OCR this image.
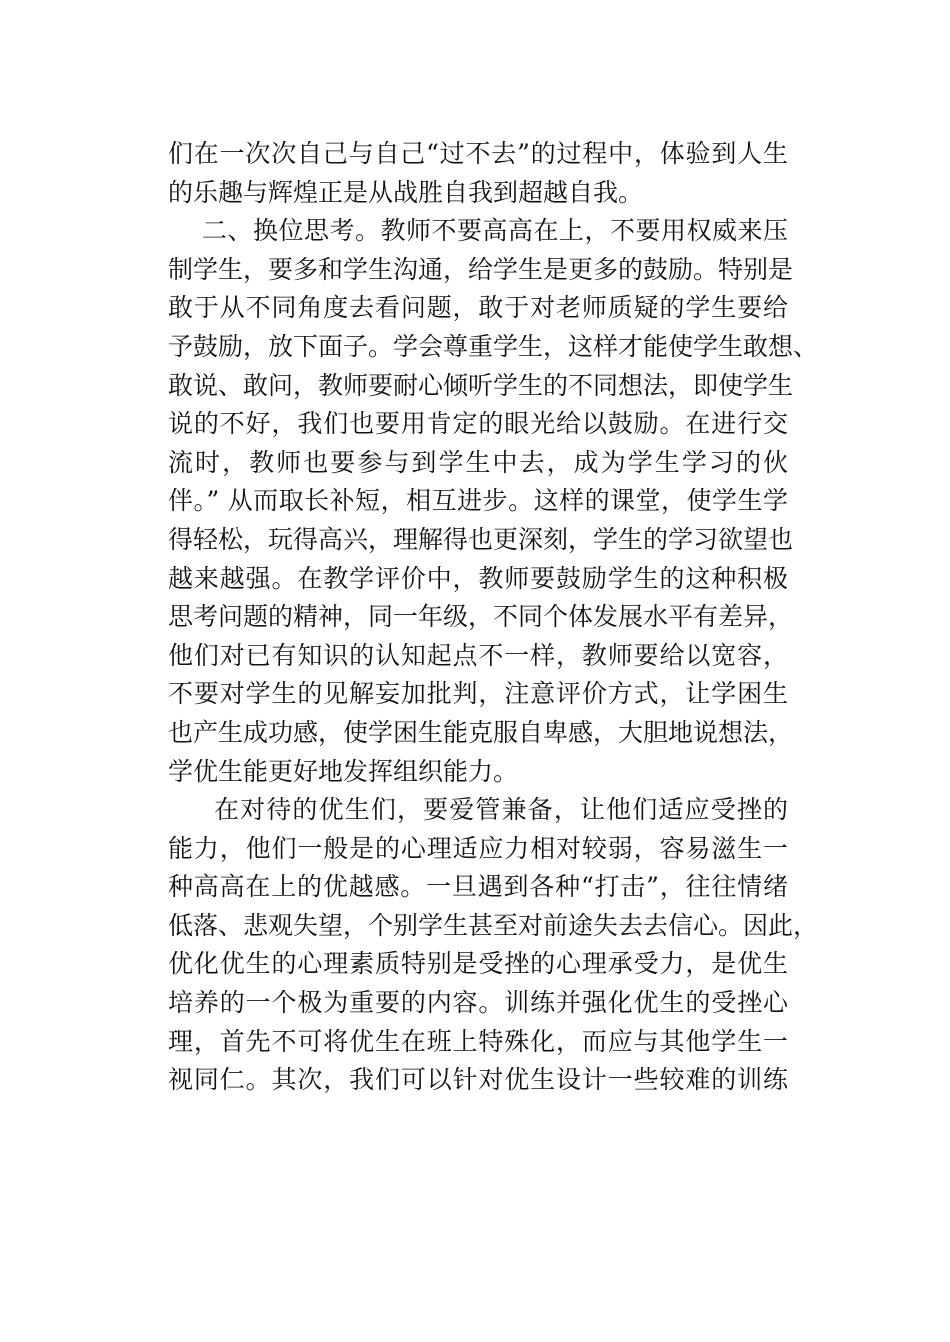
们在一次次自己与自己“过不去”的过程中，体验到人生
的乐趣与辉煌正是从战胜自我到超越自我。
二、换位思考。教师不要高高在上，不要用权威来压
制学生，要多和学生沟通，给学生是更多的鼓励。特别是
敢于从不同角度去看问题，敢于对老师质疑的学生要给
予鼓励，放下面子。学会尊重学生，这样才能使学生敢想、
敢说、敢问，教师要耐心倾听学生的不同想法，即使学生
说的不好，我们也要用肯定的眼光给以鼓励。在进行交
流时，教师也要参与到学生中去，成为学生学习的伙
伴。” 从而取长补短，相互进步。这样的课堂，使学生学
得轻松，玩得高兴，理解得也更深刻，学生的学习欲望也
越来越强。在教学评价中，教师要鼓励学生的这种积极
思考问题的精神，同一年级，不同个体发展水平有差异，
他们对已有知识的认知起点不一样，教师要给以宽容，
不要对学生的见解妄加批判，注意评价方式，让学困生
也产生成功感，使学困生能克服自卑感，大胆地说想法，
学优生能更好地发挥组织能力。
在对待的优生们，要爱管兼备，让他们适应受挫的
能力，他们一般是的心理适应力相对较弱，容易滋生一
种高高在上的优越感。一旦遇到各种“打击”，往往情绪
低落、悲观失望，个别学生甚至对前途失去去信心。因此，
优化优生的心理素质特别是受挫的心理承受力，是优生
培养的一个极为重要的内容。训练并强化优生的受挫心
理，首先不可将优生在班上特殊化，而应与其他学生一
视同仁。其次，我们可以针对优生设计一些较难的训练
